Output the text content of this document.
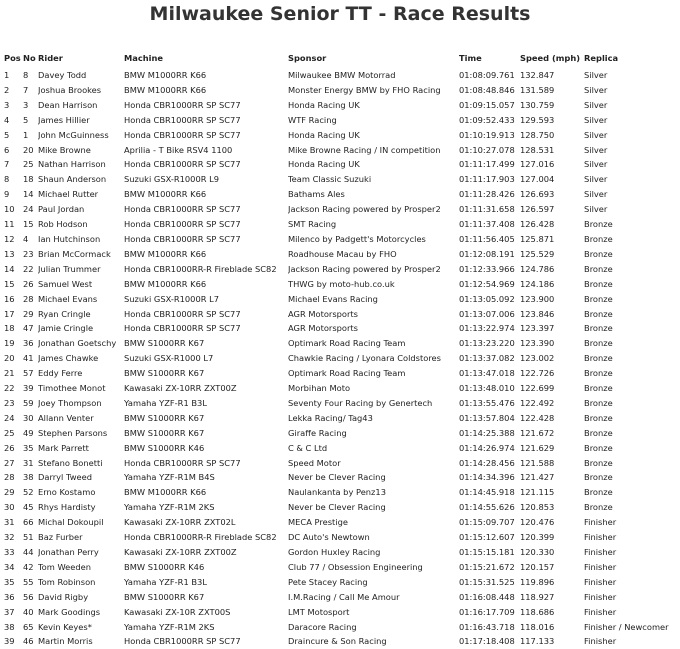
Milwaukee Senior TT - Race Results
Pos	No	Rider	Machine	Sponsor	Time	Speed (mph)	Replica
1	8	Davey Todd	BMW M1000RR K66	Milwaukee BMW Motorrad	01:08:09.761	132.847	Silver
2	7	Joshua Brookes	BMW M1000RR K66	Monster Energy BMW by FHO Racing	01:08:48.846	131.589	Silver
3	3	Dean Harrison	Honda CBR1000RR SP SC77	Honda Racing UK	01:09:15.057	130.759	Silver
4	5	James Hillier	Honda CBR1000RR SP SC77	WTF Racing	01:09:52.433	129.593	Silver
5	1	John McGuinness	Honda CBR1000RR SP SC77	Honda Racing UK	01:10:19.913	128.750	Silver
6	20	Mike Browne	Aprilia - T Bike RSV4 1100	Mike Browne Racing / IN competition	01:10:27.078	128.531	Silver
7	25	Nathan Harrison	Honda CBR1000RR SP SC77	Honda Racing UK	01:11:17.499	127.016	Silver
8	18	Shaun Anderson	Suzuki GSX-R1000R L9	Team Classic Suzuki	01:11:17.903	127.004	Silver
9	14	Michael Rutter	BMW M1000RR K66	Bathams Ales	01:11:28.426	126.693	Silver
10	24	Paul Jordan	Honda CBR1000RR SP SC77	Jackson Racing powered by Prosper2	01:11:31.658	126.597	Silver
11	15	Rob Hodson	Honda CBR1000RR SP SC77	SMT Racing	01:11:37.408	126.428	Bronze
12	4	Ian Hutchinson	Honda CBR1000RR SP SC77	Milenco by Padgett's Motorcycles	01:11:56.405	125.871	Bronze
13	23	Brian McCormack	BMW M1000RR K66	Roadhouse Macau by FHO	01:12:08.191	125.529	Bronze
14	22	Julian Trummer	Honda CBR1000RR-R Fireblade SC82	Jackson Racing powered by Prosper2	01:12:33.966	124.786	Bronze
15	26	Samuel West	BMW M1000RR K66	THWG by moto-hub.co.uk	01:12:54.969	124.186	Bronze
16	28	Michael Evans	Suzuki GSX-R1000R L7	Michael Evans Racing	01:13:05.092	123.900	Bronze
17	29	Ryan Cringle	Honda CBR1000RR SP SC77	AGR Motorsports	01:13:07.006	123.846	Bronze
18	47	Jamie Cringle	Honda CBR1000RR SP SC77	AGR Motorsports	01:13:22.974	123.397	Bronze
19	36	Jonathan Goetschy	BMW S1000RR K67	Optimark Road Racing Team	01:13:23.220	123.390	Bronze
20	41	James Chawke	Suzuki GSX-R1000 L7	Chawkie Racing / Lyonara Coldstores	01:13:37.082	123.002	Bronze
21	57	Eddy Ferre	BMW S1000RR K67	Optimark Road Racing Team	01:13:47.018	122.726	Bronze
22	39	Timothee Monot	Kawasaki ZX-10RR ZXT00Z	Morbihan Moto	01:13:48.010	122.699	Bronze
23	59	Joey Thompson	Yamaha YZF-R1 B3L	Seventy Four Racing by Genertech	01:13:55.476	122.492	Bronze
24	30	Allann Venter	BMW S1000RR K67	Lekka Racing/ Tag43	01:13:57.804	122.428	Bronze
25	49	Stephen Parsons	BMW S1000RR K67	Giraffe Racing	01:14:25.388	121.672	Bronze
26	35	Mark Parrett	BMW S1000RR K46	C & C Ltd	01:14:26.974	121.629	Bronze
27	31	Stefano Bonetti	Honda CBR1000RR SP SC77	Speed Motor	01:14:28.456	121.588	Bronze
28	38	Darryl Tweed	Yamaha YZF-R1M B4S	Never be Clever Racing	01:14:34.396	121.427	Bronze
29	52	Erno Kostamo	BMW M1000RR K66	Naulankanta by Penz13	01:14:45.918	121.115	Bronze
30	45	Rhys Hardisty	Yamaha YZF-R1M 2KS	Never be Clever Racing	01:14:55.626	120.853	Bronze
31	66	Michal Dokoupil	Kawasaki ZX-10RR ZXT02L	MECA Prestige	01:15:09.707	120.476	Finisher
32	51	Baz Furber	Honda CBR1000RR-R Fireblade SC82	DC Auto's Newtown	01:15:12.607	120.399	Finisher
33	44	Jonathan Perry	Kawasaki ZX-10RR ZXT00Z	Gordon Huxley Racing	01:15:15.181	120.330	Finisher
34	42	Tom Weeden	BMW S1000RR K46	Club 77 / Obsession Engineering	01:15:21.672	120.157	Finisher
35	55	Tom Robinson	Yamaha YZF-R1 B3L	Pete Stacey Racing	01:15:31.525	119.896	Finisher
36	56	David Rigby	BMW S1000RR K67	I.M.Racing / Call Me Amour	01:16:08.448	118.927	Finisher
37	40	Mark Goodings	Kawasaki ZX-10R ZXT00S	LMT Motosport	01:16:17.709	118.686	Finisher
38	65	Kevin Keyes*	Yamaha YZF-R1M 2KS	Daracore Racing	01:16:43.718	118.016	Finisher / Newcomer
39	46	Martin Morris	Honda CBR1000RR SP SC77	Draincure & Son Racing	01:17:18.408	117.133	Finisher
